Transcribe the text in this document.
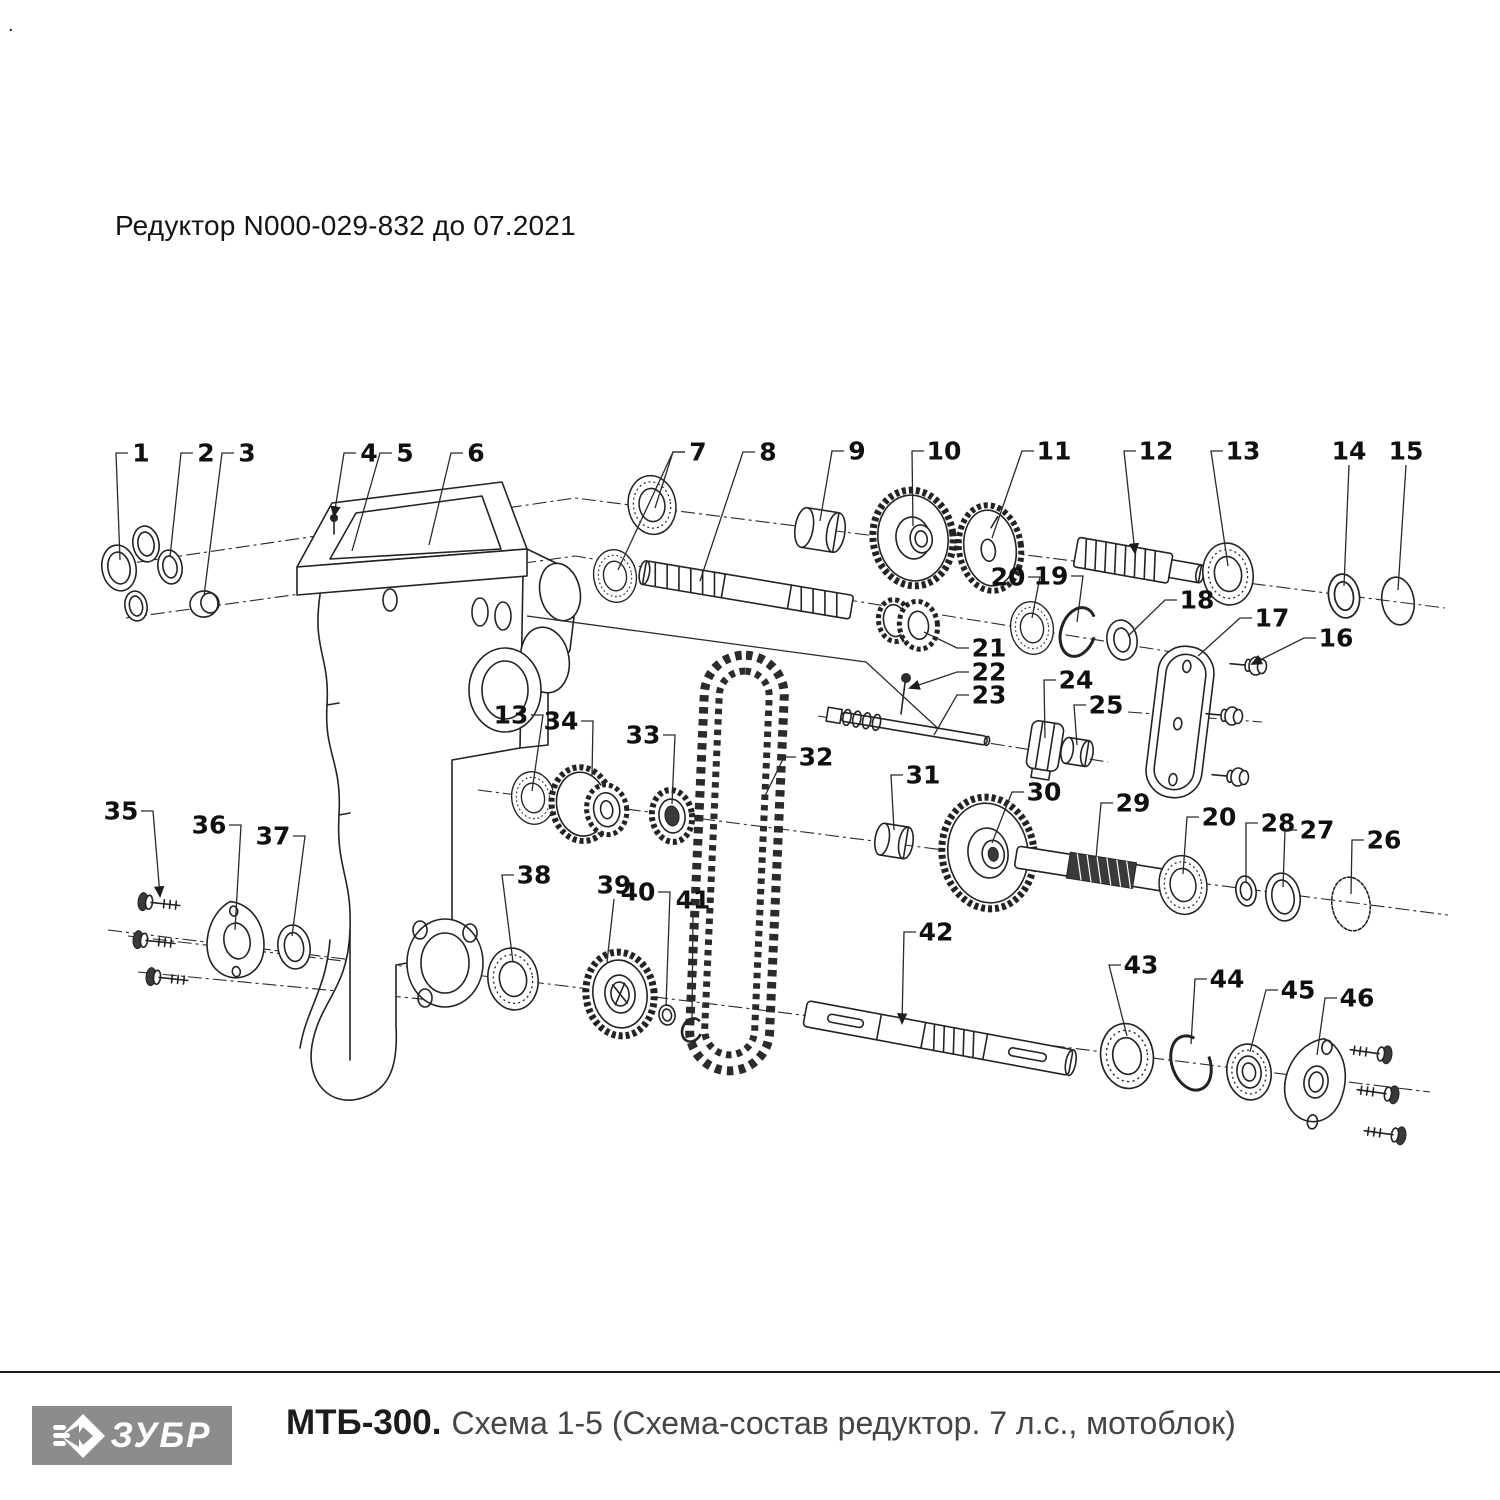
.
Редуктор N000-029-832 до 07.2021
1 2 3	4 5 6	7 8	9 10	11	12 13	14 15
20 19
18
17
16
21
22
23
24
25
13 34 33
32
31
30 29 20 28 27 26
35 36 37
38 39
40 41
42
43 44 45 46
ЗУБР МТБ-300. Схема 1-5 (Схема-состав редуктор. 7 л.с., мотоблок)
